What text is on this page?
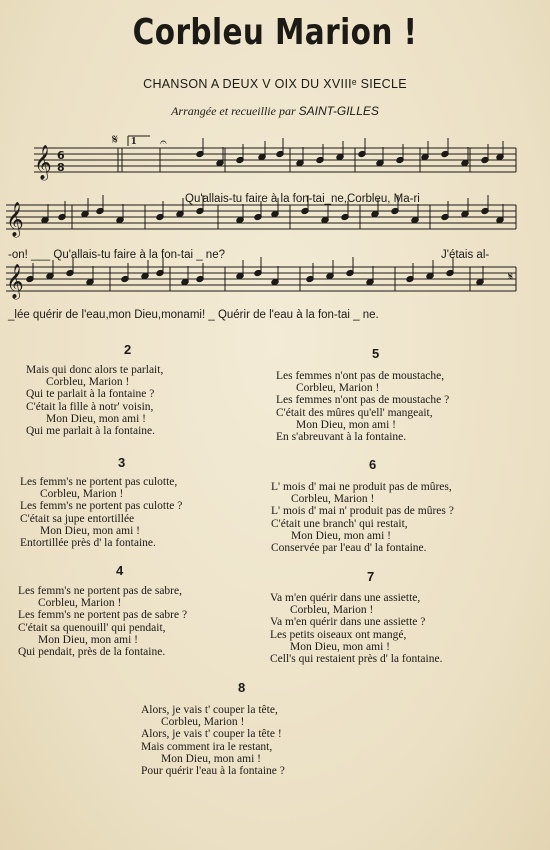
Corbleu Marion !
CHANSON A DEUX V OIX DU XVIIIᵉ SIECLE
Arrangée et recueillie par SAINT-GILLES
𝄞
𝄞
𝄞
𝄋
𝄋
6
8
1 𝄐
Qu'allais-tu faire à la fon-tai_ne,Corbleu, Ma-ri
-on! ___ Qu'allais-tu faire à la fon-tai _ ne?	J'étais al-
_lée quérir de l'eau,mon Dieu,monami! _ Quérir de l'eau à la fon-tai _ ne.
2
Mais qui donc alors te parlait,
Corbleu, Marion !
Qui te parlait à la fontaine ?
C'était la fille à notr' voisin,
Mon Dieu, mon ami !
Qui me parlait à la fontaine.
3
Les femm's ne portent pas culotte,
Corbleu, Marion !
Les femm's ne portent pas culotte ?
C'était sa jupe entortillée
Mon Dieu, mon ami !
Entortillée près d' la fontaine.
4
Les femm's ne portent pas de sabre,
Corbleu, Marion !
Les femm's ne portent pas de sabre ?
C'était sa quenouill' qui pendait,
Mon Dieu, mon ami !
Qui pendait, près de la fontaine.
5
Les femmes n'ont pas de moustache,
Corbleu, Marion !
Les femmes n'ont pas de moustache ?
C'était des mûres qu'ell' mangeait,
Mon Dieu, mon ami !
En s'abreuvant à la fontaine.
6
L' mois d' mai ne produit pas de mûres,
Corbleu, Marion !
L' mois d' mai n' produit pas de mûres ?
C'était une branch' qui restait,
Mon Dieu, mon ami !
Conservée par l'eau d' la fontaine.
7
Va m'en quérir dans une assiette,
Corbleu, Marion !
Va m'en quérir dans une assiette ?
Les petits oiseaux ont mangé,
Mon Dieu, mon ami !
Cell's qui restaient près d' la fontaine.
8
Alors, je vais t' couper la tête,
Corbleu, Marion !
Alors, je vais t' couper la tête !
Mais comment ira le restant,
Mon Dieu, mon ami !
Pour quérir l'eau à la fontaine ?
